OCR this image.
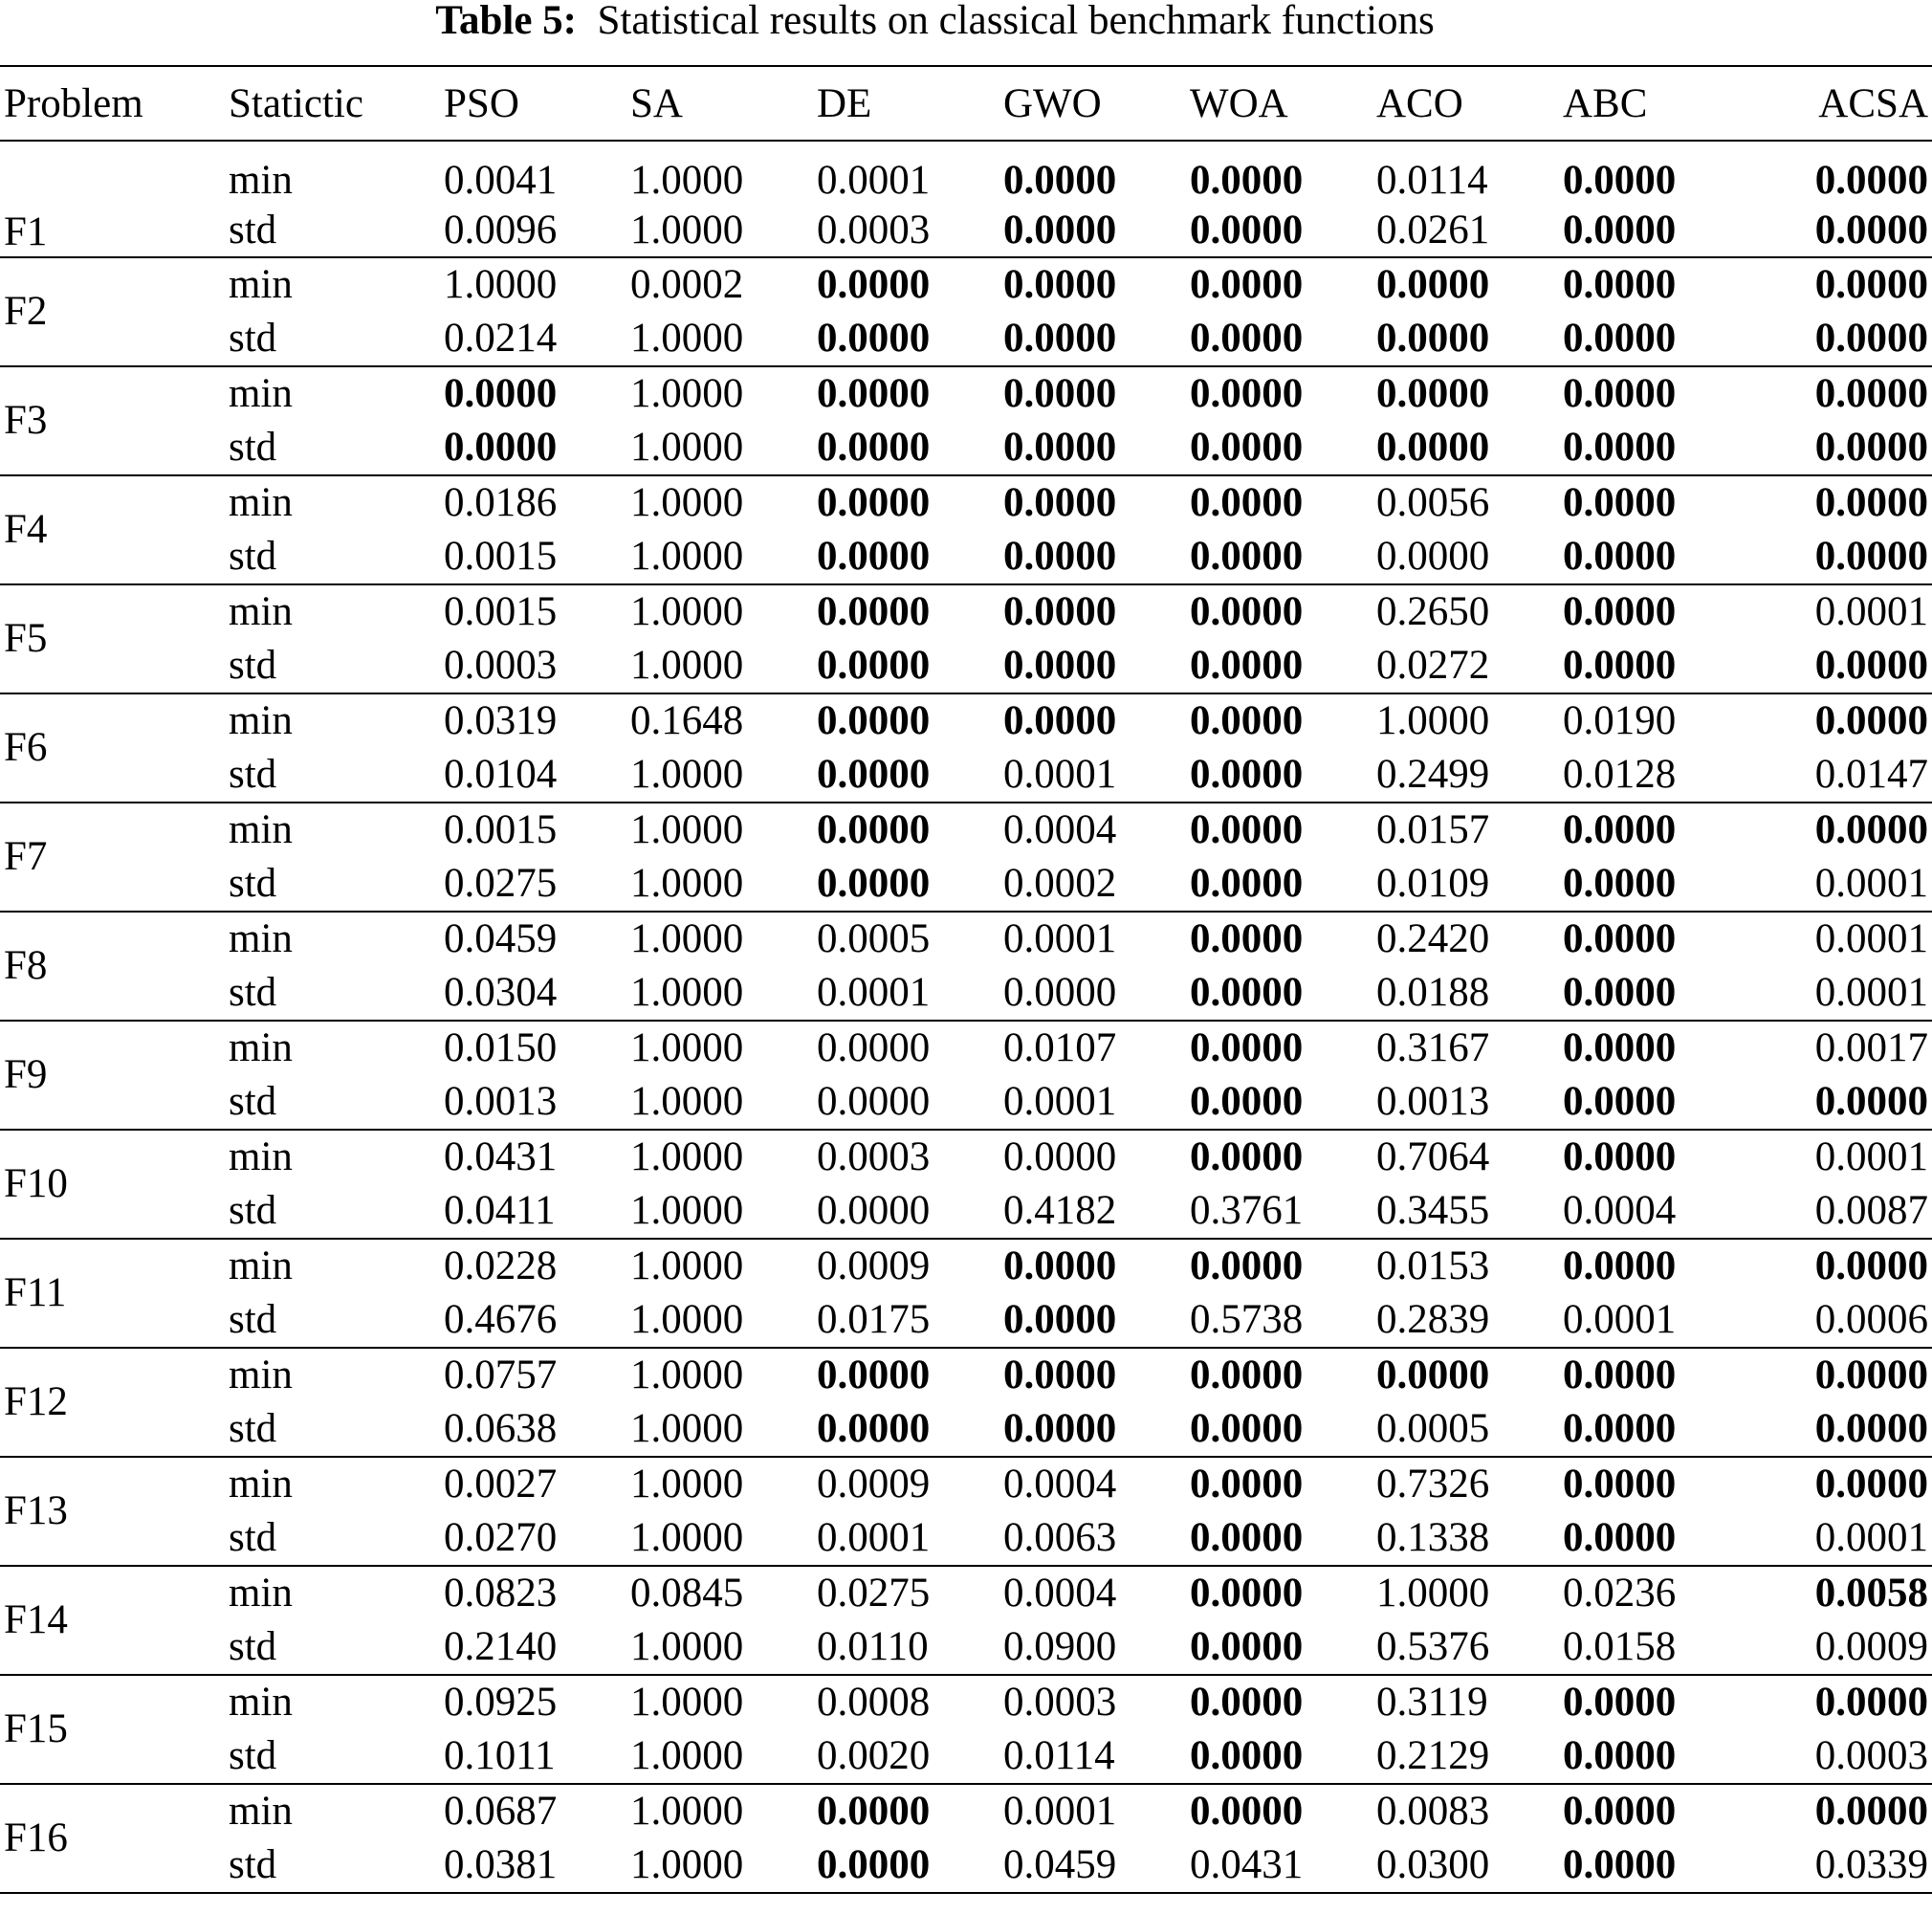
Table 5: Statistical results on classical benchmark functions
Problem	Statictic	PSO	SA	DE	GWO	WOA	ACO	ABC	ACSA
F1	min	0.0041	1.0000	0.0001	0.0000	0.0000	0.0114	0.0000	0.0000
	std	0.0096	1.0000	0.0003	0.0000	0.0000	0.0261	0.0000	0.0000
F2	min	1.0000	0.0002	0.0000	0.0000	0.0000	0.0000	0.0000	0.0000
	std	0.0214	1.0000	0.0000	0.0000	0.0000	0.0000	0.0000	0.0000
F3	min	0.0000	1.0000	0.0000	0.0000	0.0000	0.0000	0.0000	0.0000
	std	0.0000	1.0000	0.0000	0.0000	0.0000	0.0000	0.0000	0.0000
F4	min	0.0186	1.0000	0.0000	0.0000	0.0000	0.0056	0.0000	0.0000
	std	0.0015	1.0000	0.0000	0.0000	0.0000	0.0000	0.0000	0.0000
F5	min	0.0015	1.0000	0.0000	0.0000	0.0000	0.2650	0.0000	0.0001
	std	0.0003	1.0000	0.0000	0.0000	0.0000	0.0272	0.0000	0.0000
F6	min	0.0319	0.1648	0.0000	0.0000	0.0000	1.0000	0.0190	0.0000
	std	0.0104	1.0000	0.0000	0.0001	0.0000	0.2499	0.0128	0.0147
F7	min	0.0015	1.0000	0.0000	0.0004	0.0000	0.0157	0.0000	0.0000
	std	0.0275	1.0000	0.0000	0.0002	0.0000	0.0109	0.0000	0.0001
F8	min	0.0459	1.0000	0.0005	0.0001	0.0000	0.2420	0.0000	0.0001
	std	0.0304	1.0000	0.0001	0.0000	0.0000	0.0188	0.0000	0.0001
F9	min	0.0150	1.0000	0.0000	0.0107	0.0000	0.3167	0.0000	0.0017
	std	0.0013	1.0000	0.0000	0.0001	0.0000	0.0013	0.0000	0.0000
F10	min	0.0431	1.0000	0.0003	0.0000	0.0000	0.7064	0.0000	0.0001
	std	0.0411	1.0000	0.0000	0.4182	0.3761	0.3455	0.0004	0.0087
F11	min	0.0228	1.0000	0.0009	0.0000	0.0000	0.0153	0.0000	0.0000
	std	0.4676	1.0000	0.0175	0.0000	0.5738	0.2839	0.0001	0.0006
F12	min	0.0757	1.0000	0.0000	0.0000	0.0000	0.0000	0.0000	0.0000
	std	0.0638	1.0000	0.0000	0.0000	0.0000	0.0005	0.0000	0.0000
F13	min	0.0027	1.0000	0.0009	0.0004	0.0000	0.7326	0.0000	0.0000
	std	0.0270	1.0000	0.0001	0.0063	0.0000	0.1338	0.0000	0.0001
F14	min	0.0823	0.0845	0.0275	0.0004	0.0000	1.0000	0.0236	0.0058
	std	0.2140	1.0000	0.0110	0.0900	0.0000	0.5376	0.0158	0.0009
F15	min	0.0925	1.0000	0.0008	0.0003	0.0000	0.3119	0.0000	0.0000
	std	0.1011	1.0000	0.0020	0.0114	0.0000	0.2129	0.0000	0.0003
F16	min	0.0687	1.0000	0.0000	0.0001	0.0000	0.0083	0.0000	0.0000
	std	0.0381	1.0000	0.0000	0.0459	0.0431	0.0300	0.0000	0.0339
